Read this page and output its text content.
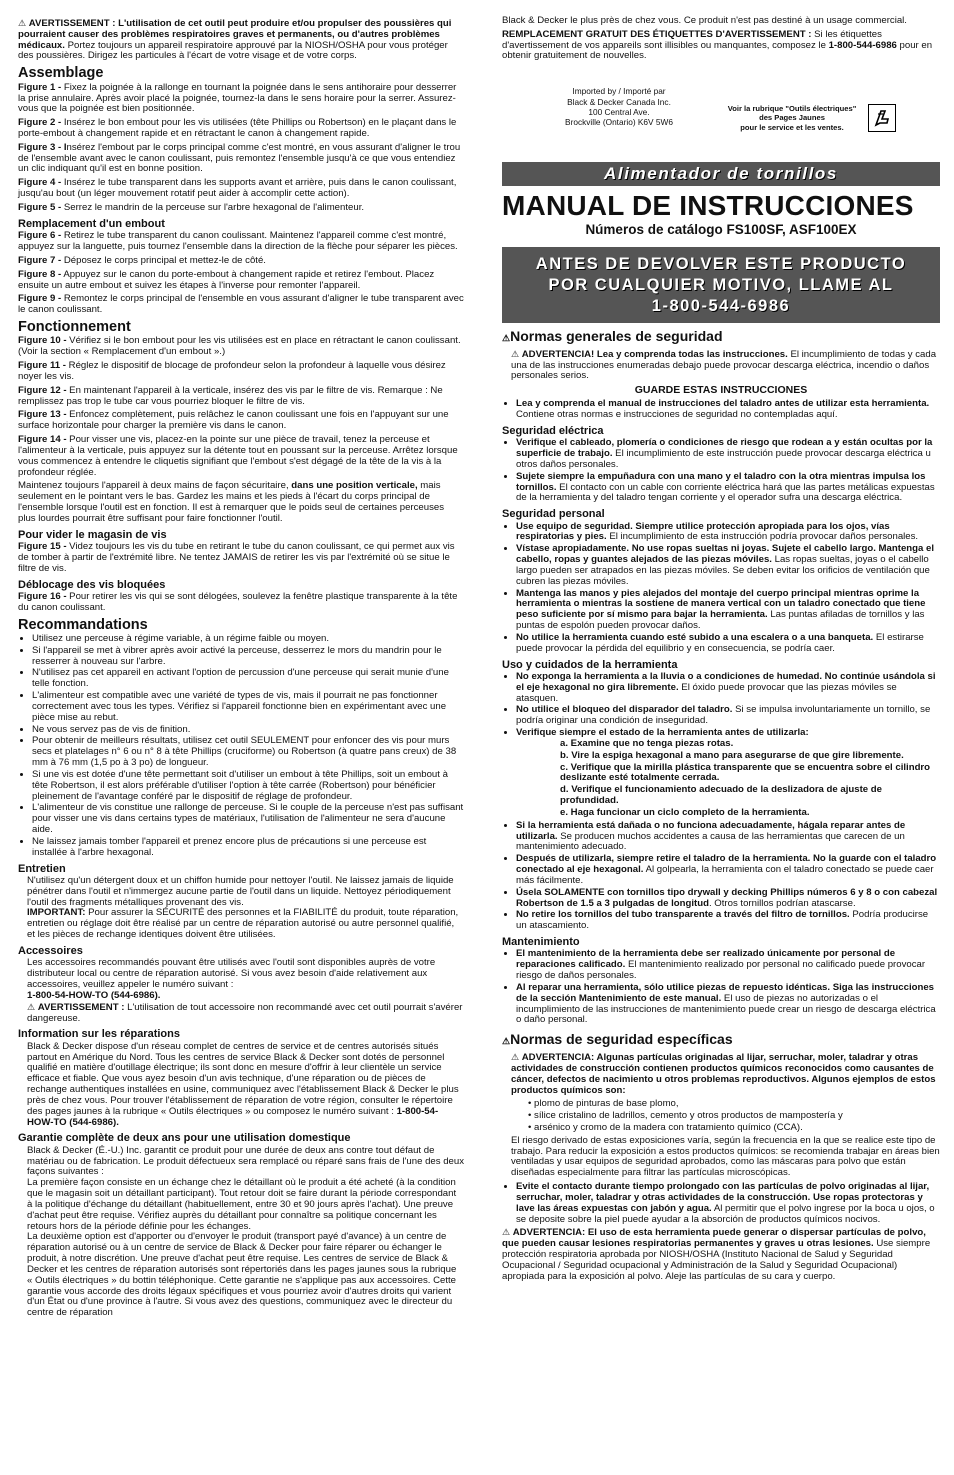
⚠ AVERTISSEMENT : L'utilisation de cet outil peut produire et/ou propulser des poussières qui pourraient causer des problèmes respiratoires graves et permanents, ou d'autres problèmes médicaux. Portez toujours un appareil respiratoire approuvé par la NIOSH/OSHA pour vous protéger des poussières. Dirigez les particules à l'écart de votre visage et de votre corps.

Assemblage

Figure 1 - Fixez la poignée à la rallonge en tournant la poignée dans le sens antihoraire pour desserrer la prise annulaire. Après avoir placé la poignée, tournez-la dans le sens horaire pour la serrer. Assurez-vous que la poignée est bien positionnée.

Figure 2 - Insérez le bon embout pour les vis utilisées (tête Phillips ou Robertson) en le plaçant dans le porte-embout à changement rapide et en rétractant le canon à changement rapide.

Figure 3 - Insérez l'embout par le corps principal comme c'est montré, en vous assurant d'aligner le trou de l'ensemble avant avec le canon coulissant, puis remontez l'ensemble jusqu'à ce que vous entendiez un clic indiquant qu'il est en bonne position.

Figure 4 - Insérez le tube transparent dans les supports avant et arrière, puis dans le canon coulissant, jusqu'au bout (un léger mouvement rotatif peut aider à accomplir cette action).

Figure 5 - Serrez le mandrin de la perceuse sur l'arbre hexagonal de l'alimenteur.

Remplacement d'un embout

Figure 6 - Retirez le tube transparent du canon coulissant. Maintenez l'appareil comme c'est montré, appuyez sur la languette, puis tournez l'ensemble dans la direction de la flèche pour séparer les pièces.

Figure 7 - Déposez le corps principal et mettez-le de côté.

Figure 8 - Appuyez sur le canon du porte-embout à changement rapide et retirez l'embout. Placez ensuite un autre embout et suivez les étapes à l'inverse pour remonter l'appareil.

Figure 9 - Remontez le corps principal de l'ensemble en vous assurant d'aligner le tube transparent avec le canon coulissant.

Fonctionnement

Figure 10 - Vérifiez si le bon embout pour les vis utilisées est en place en rétractant le canon coulissant. (Voir la section « Remplacement d'un embout ».)

Figure 11 - Réglez le dispositif de blocage de profondeur selon la profondeur à laquelle vous désirez noyer les vis.

Figure 12 - En maintenant l'appareil à la verticale, insérez des vis par le filtre de vis. Remarque : Ne remplissez pas trop le tube car vous pourriez bloquer le filtre de vis.

Figure 13 - Enfoncez complètement, puis relâchez le canon coulissant une fois en l'appuyant sur une surface horizontale pour charger la première vis dans le canon.

Figure 14 - Pour visser une vis, placez-en la pointe sur une pièce de travail, tenez la perceuse et l'alimenteur à la verticale, puis appuyez sur la détente tout en poussant sur la perceuse. Arrêtez lorsque vous commencez à entendre le cliquetis signifiant que l'embout s'est dégagé de la tête de la vis à la profondeur réglée.

Maintenez toujours l'appareil à deux mains de façon sécuritaire, dans une position verticale, mais seulement en le pointant vers le bas. Gardez les mains et les pieds à l'écart du corps principal de l'ensemble lorsque l'outil est en fonction. Il est à remarquer que le poids seul de certaines perceuses plus lourdes pourrait être suffisant pour faire fonctionner l'outil.

Pour vider le magasin de vis

Figure 15 - Videz toujours les vis du tube en retirant le tube du canon coulissant, ce qui permet aux vis de tomber à partir de l'extrémité libre. Ne tentez JAMAIS de retirer les vis par l'extrémité où se situe le filtre de vis.

Déblocage des vis bloquées

Figure 16 - Pour retirer les vis qui se sont délogées, soulevez la fenêtre plastique transparente à la tête du canon coulissant.

Recommandations
• Utilisez une perceuse à régime variable, à un régime faible ou moyen.
• Si l'appareil se met à vibrer après avoir activé la perceuse, desserrez le mors du mandrin pour le resserrer à nouveau sur l'arbre.
• N'utilisez pas cet appareil en activant l'option de percussion d'une perceuse qui serait munie d'une telle fonction.
• L'alimenteur est compatible avec une variété de types de vis, mais il pourrait ne pas fonctionner correctement avec tous les types. Vérifiez si l'appareil fonctionne bien en expérimentant avec une pièce mise au rebut.
• Ne vous servez pas de vis de finition.
• Pour obtenir de meilleurs résultats, utilisez cet outil SEULEMENT pour enfoncer des vis pour murs secs et platelages n° 6 ou n° 8 à tête Phillips (cruciforme) ou Robertson (à quatre pans creux) de 38 mm à 76 mm (1,5 po à 3 po) de longueur.
• Si une vis est dotée d'une tête permettant soit d'utiliser un embout à tête Phillips, soit un embout à tête Robertson, il est alors préférable d'utiliser l'option à tête carrée (Robertson) pour bénéficier pleinement de l'avantage conféré par le dispositif de réglage de profondeur.
• L'alimenteur de vis constitue une rallonge de perceuse. Si le couple de la perceuse n'est pas suffisant pour visser une vis dans certains types de matériaux, l'utilisation de l'alimenteur ne sera d'aucune aide.
• Ne laissez jamais tomber l'appareil et prenez encore plus de précautions si une perceuse est installée à l'arbre hexagonal.
Entretien

N'utilisez qu'un détergent doux et un chiffon humide pour nettoyer l'outil. Ne laissez jamais de liquide pénétrer dans l'outil et n'immergez aucune partie de l'outil dans un liquide. Nettoyez périodiquement l'outil des fragments métalliques provenant des vis.
IMPORTANT: Pour assurer la SÉCURITÉ des personnes et la FIABILITÉ du produit, toute réparation, entretien ou réglage doit être réalisé par un centre de réparation autorisé ou autre personnel qualifié, et les pièces de rechange identiques doivent être utilisées.

Accessoires

Les accessoires recommandés pouvant être utilisés avec l'outil sont disponibles auprès de votre distributeur local ou centre de réparation autorisé. Si vous avez besoin d'aide relativement aux accessoires, veuillez appeler le numéro suivant :
1-800-54-HOW-TO (544-6986).
⚠ AVERTISSEMENT : L'utilisation de tout accessoire non recommandé avec cet outil pourrait s'avérer dangereuse.

Information sur les réparations

Black & Decker dispose d'un réseau complet de centres de service et de centres autorisés situés partout en Amérique du Nord. Tous les centres de service Black & Decker sont dotés de personnel qualifié en matière d'outillage électrique; ils sont donc en mesure d'offrir à leur clientèle un service efficace et fiable. Que vous ayez besoin d'un avis technique, d'une réparation ou de pièces de rechange authentiques installées en usine, communiquez avec l'établissement Black & Decker le plus près de chez vous. Pour trouver l'établissement de réparation de votre région, consulter le répertoire des pages jaunes à la rubrique « Outils électriques » ou composez le numéro suivant : 1-800-54-HOW-TO (544-6986).

Garantie complète de deux ans pour une utilisation domestique

Black & Decker (É.-U.) Inc. garantit ce produit pour une durée de deux ans contre tout défaut de matériau ou de fabrication. Le produit défectueux sera remplacé ou réparé sans frais de l'une des deux façons suivantes :

La première façon consiste en un échange chez le détaillant où le produit a été acheté (à la condition que le magasin soit un détaillant participant). Tout retour doit se faire durant la période correspondant à la politique d'échange du détaillant (habituellement, entre 30 et 90 jours après l'achat). Une preuve d'achat peut être requise. Vérifiez auprès du détaillant pour connaître sa politique concernant les retours hors de la période définie pour les échanges.

La deuxième option est d'apporter ou d'envoyer le produit (transport payé d'avance) à un centre de réparation autorisé ou à un centre de service de Black & Decker pour faire réparer ou échanger le produit, à notre discrétion. Une preuve d'achat peut être requise. Les centres de service de Black & Decker et les centres de réparation autorisés sont répertoriés dans les pages jaunes sous la rubrique « Outils électriques » du bottin téléphonique. Cette garantie ne s'applique pas aux accessoires. Cette garantie vous accorde des droits légaux spécifiques et vous pourriez avoir d'autres droits qui varient d'un État ou d'une province à l'autre. Si vous avez des questions, communiquez avec le directeur du centre de réparation

Black & Decker le plus près de chez vous. Ce produit n'est pas destiné à un usage commercial.

REMPLACEMENT GRATUIT DES ÉTIQUETTES D'AVERTISSEMENT : Si les étiquettes d'avertissement de vos appareils sont illisibles ou manquantes, composez le 1-800-544-6986 pour en obtenir gratuitement de nouvelles.

Imported by / Importé par
Black & Decker Canada Inc.
100 Central Ave.
Brockville (Ontario) K6V 5W6
Voir la rubrique "Outils électriques"
des Pages Jaunes
pour le service et les ventes.
Alimentador de tornillos
MANUAL DE INSTRUCCIONES
Números de catálogo FS100SF, ASF100EX
ANTES DE DEVOLVER ESTE PRODUCTO
POR CUALQUIER MOTIVO, LLAME AL
1-800-544-6986
⚠Normas generales de seguridad

⚠ ADVERTENCIA! Lea y comprenda todas las instrucciones. El incumplimiento de todas y cada una de las instrucciones enumeradas debajo puede provocar descarga eléctrica, incendio o daños personales serios.

GUARDE ESTAS INSTRUCCIONES
• Lea y comprenda el manual de instrucciones del taladro antes de utilizar esta herramienta. Contiene otras normas e instrucciones de seguridad no contempladas aquí.
Seguridad eléctrica
• Verifique el cableado, plomería o condiciones de riesgo que rodean a y están ocultas por la superficie de trabajo. El incumplimiento de este instrucción puede provocar descarga eléctrica u otros daños personales.
• Sujete siempre la empuñadura con una mano y el taladro con la otra mientras impulsa los tornillos. El contacto con un cable con corriente eléctrica hará que las partes metálicas expuestas de la herramienta y del taladro tengan corriente y el operador sufra una descarga eléctrica.
Seguridad personal
• Use equipo de seguridad. Siempre utilice protección apropiada para los ojos, vías respiratorias y pies. El incumplimiento de esta instrucción podría provocar daños personales.
• Vístase apropiadamente. No use ropas sueltas ni joyas. Sujete el cabello largo. Mantenga el cabello, ropas y guantes alejados de las piezas móviles. Las ropas sueltas, joyas o el cabello largo pueden ser atrapados en las piezas móviles. Se deben evitar los orificios de ventilación que cubren las piezas móviles.
• Mantenga las manos y pies alejados del montaje del cuerpo principal mientras oprime la herramienta o mientras la sostiene de manera vertical con un taladro conectado que tiene peso suficiente por sí mismo para bajar la herramienta. Las puntas afiladas de tornillos y las puntas de espolón pueden provocar daños.
• No utilice la herramienta cuando esté subido a una escalera o a una banqueta. El estirarse puede provocar la pérdida del equilibrio y en consecuencia, se podría caer.
Uso y cuidados de la herramienta
• No exponga la herramienta a la lluvia o a condiciones de humedad. No continúe usándola si el eje hexagonal no gira libremente. El óxido puede provocar que las piezas móviles se atasquen.
• No utilice el bloqueo del disparador del taladro. Si se impulsa involuntariamente un tornillo, se podría originar una condición de inseguridad.
• Verifique siempre el estado de la herramienta antes de utilizarla:
a. Examine que no tenga piezas rotas.
b. Vire la espiga hexagonal a mano para asegurarse de que gire libremente.
c. Verifique que la mirilla plástica transparente que se encuentra sobre el cilindro deslizante esté totalmente cerrada.
d. Verifique el funcionamiento adecuado de la deslizadora de ajuste de profundidad.
e. Haga funcionar un ciclo completo de la herramienta.
• Si la herramienta está dañada o no funciona adecuadamente, hágala reparar antes de utilizarla. Se producen muchos accidentes a causa de las herramientas que carecen de un mantenimiento adecuado.
• Después de utilizarla, siempre retire el taladro de la herramienta. No la guarde con el taladro conectado al eje hexagonal. Al golpearla, la herramienta con el taladro conectado se puede caer más fácilmente.
• Úsela SOLAMENTE con tornillos tipo drywall y decking Phillips números 6 y 8 o con cabezal Robertson de 1.5 a 3 pulgadas de longitud. Otros tornillos podrían atascarse.
• No retire los tornillos del tubo transparente a través del filtro de tornillos. Podría producirse un atascamiento.
Mantenimiento
• El mantenimiento de la herramienta debe ser realizado únicamente por personal de reparaciones calificado. El mantenimiento realizado por personal no calificado puede provocar riesgo de daños personales.
• Al reparar una herramienta, sólo utilice piezas de repuesto idénticas. Siga las instrucciones de la sección Mantenimiento de este manual. El uso de piezas no autorizadas o el incumplimiento de las instrucciones de mantenimiento puede crear un riesgo de descarga eléctrica o daño personal.
⚠Normas de seguridad específicas

⚠ ADVERTENCIA: Algunas partículas originadas al lijar, serruchar, moler, taladrar y otras actividades de construcción contienen productos químicos reconocidos como causantes de cáncer, defectos de nacimiento u otros problemas reproductivos. Algunos ejemplos de estos productos químicos son:

• plomo de pinturas de base plomo,
• sílice cristalino de ladrillos, cemento y otros productos de mampostería y
• arsénico y cromo de la madera con tratamiento químico (CCA).

El riesgo derivado de estas exposiciones varía, según la frecuencia en la que se realice este tipo de trabajo. Para reducir la exposición a estos productos químicos: se recomienda trabajar en áreas bien ventiladas y usar equipos de seguridad aprobados, como las máscaras para polvo que están diseñadas especialmente para filtrar las partículas microscópicas.

• Evite el contacto durante tiempo prolongado con las partículas de polvo originadas al lijar, serruchar, moler, taladrar y otras actividades de la construcción. Use ropas protectoras y lave las áreas expuestas con jabón y agua. Al permitir que el polvo ingrese por la boca u ojos, o se deposite sobre la piel puede ayudar a la absorción de productos químicos nocivos.

⚠ ADVERTENCIA: El uso de esta herramienta puede generar o dispersar partículas de polvo, que pueden causar lesiones respiratorias permanentes y graves u otras lesiones. Use siempre protección respiratoria aprobada por NIOSH/OSHA (Instituto Nacional de Salud y Seguridad Ocupacional / Seguridad ocupacional y Administración de la Salud y Seguridad Ocupacional) apropiada para la exposición al polvo. Aleje las partículas de su cara y cuerpo.
